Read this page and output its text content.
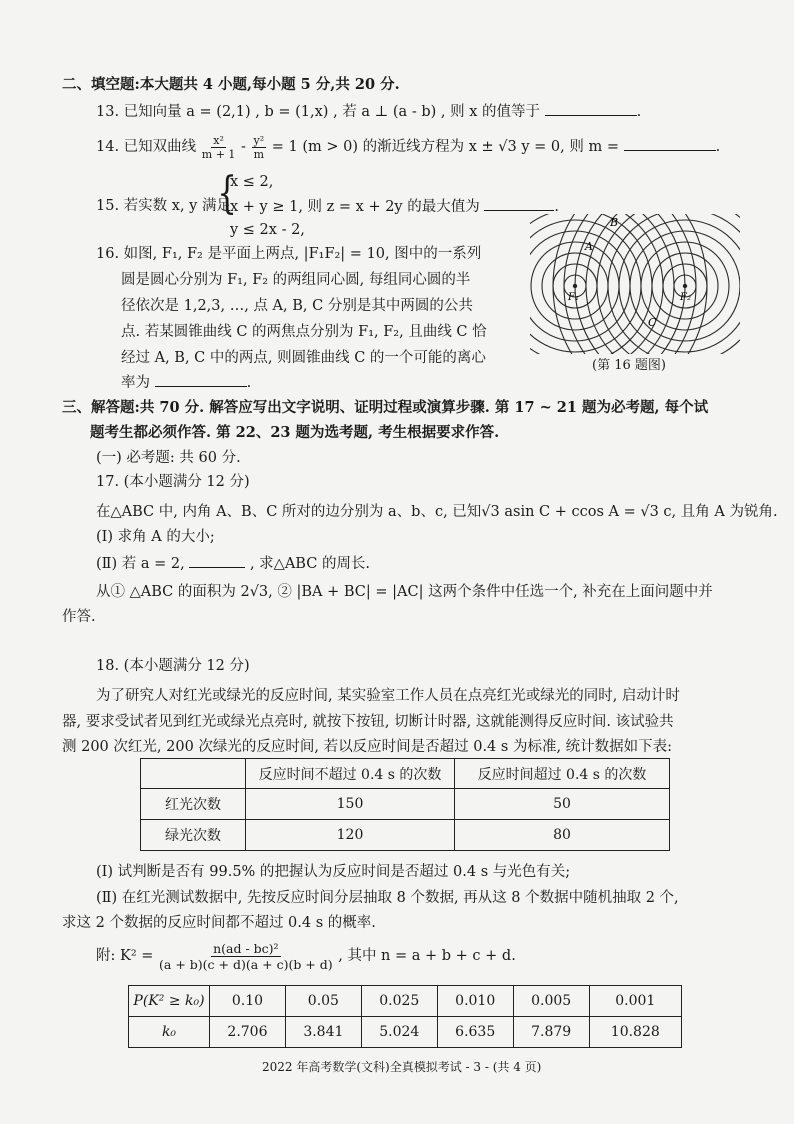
二、填空题:本大题共 4 小题,每小题 5 分,共 20 分.
13. 已知向量 a = (2,1) , b = (1,x) , 若 a ⊥ (a - b) , 则 x 的值等于	.
14. 已知双曲线 $\frac{\text{x²}}{m + 1} - \frac{\text{y²}}{m} = 1$ (m > 0) 的渐近线方程为 x ± √3 y = 0, 则 m =	.
15. 若实数 x, y 满足
{
x ≤ 2,
x + y ≥ 1, 则 z = x + 2y 的最大值为	.
y ≤ 2x - 2,
16. 如图, F₁, F₂ 是平面上两点, |F₁F₂| = 10, 图中的一系列
圆是圆心分别为 F₁, F₂ 的两组同心圆, 每组同心圆的半
径依次是 1,2,3, …, 点 A, B, C 分别是其中两圆的公共
点. 若某圆锥曲线 C 的两焦点分别为 F₁, F₂, 且曲线 C 恰
经过 A, B, C 中的两点, 则圆锥曲线 C 的一个可能的离心
率为	.
F₁	F₂
A
B
C
(第 16 题图)
三、解答题:共 70 分. 解答应写出文字说明、证明过程或演算步骤. 第 17 ~ 21 题为必考题, 每个试
题考生都必须作答. 第 22、23 题为选考题, 考生根据要求作答.
(一) 必考题: 共 60 分.
17. (本小题满分 12 分)
在△ABC 中, 内角 A、B、C 所对的边分别为 a、b、c, 已知√3 asin C + ccos A = √3 c, 且角 A 为锐角.
(Ⅰ) 求角 A 的大小;
(Ⅱ) 若 a = 2,	, 求△ABC 的周长.
从① △ABC 的面积为 2√3, ② |BA + BC| = |AC| 这两个条件中任选一个, 补充在上面问题中并
作答.
18. (本小题满分 12 分)
为了研究人对红光或绿光的反应时间, 某实验室工作人员在点亮红光或绿光的同时, 启动计时
器, 要求受试者见到红光或绿光点亮时, 就按下按钮, 切断计时器, 这就能测得反应时间. 该试验共
测 200 次红光, 200 次绿光的反应时间, 若以反应时间是否超过 0.4 s 为标准, 统计数据如下表:
	反应时间不超过 0.4 s 的次数	反应时间超过 0.4 s 的次数
红光次数	150	50
绿光次数	120	80
(Ⅰ) 试判断是否有 99.5% 的把握认为反应时间是否超过 0.4 s 与光色有关;
(Ⅱ) 在红光测试数据中, 先按反应时间分层抽取 8 个数据, 再从这 8 个数据中随机抽取 2 个,
求这 2 个数据的反应时间都不超过 0.4 s 的概率.
附: $K^2 = \frac{\text{n(ad - bc)²}}{(a + b)(c + d)(a + c)(b + d)}$ , 其中 n = a + b + c + d.
P(K² ≥ k₀)	0.10	0.05	0.025	0.010	0.005	0.001
k₀	2.706	3.841	5.024	6.635	7.879	10.828
2022 年高考数学(文科)全真模拟考试 - 3 - (共 4 页)
